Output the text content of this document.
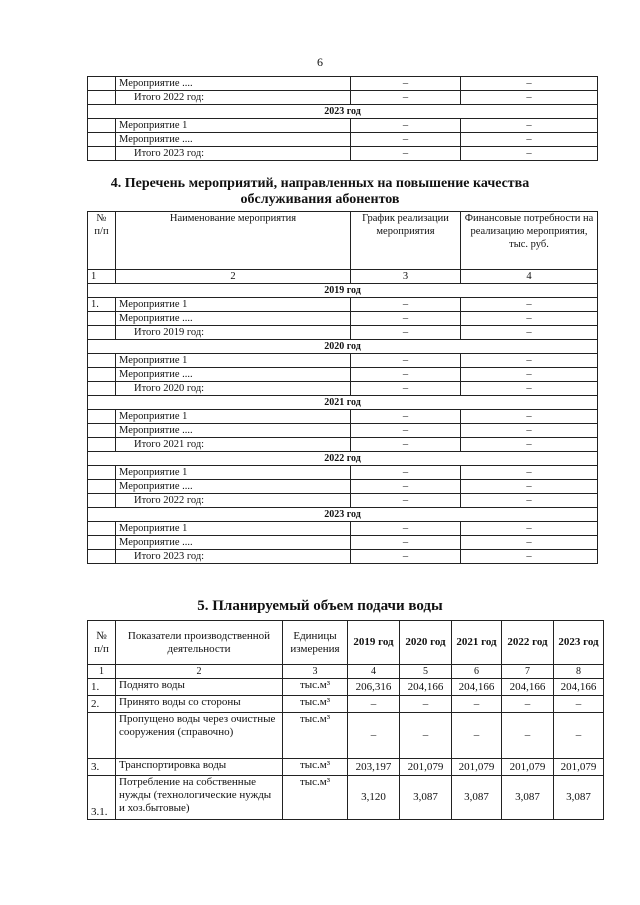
6
	Мероприятие ....	–	–
	Итого 2022 год:	–	–
2023 год			
	Мероприятие 1	–	–
	Мероприятие ....	–	–
	Итого 2023 год:	–	–
4. Перечень мероприятий, направленных на повышение качества
обслуживания абонентов
№ п/п	Наименование мероприятия	График реализации мероприятия	Финансовые потребности на реализацию мероприятия, тыс. руб.
1	2	3	4
2019 год			
1.	Мероприятие 1	–	–
	Мероприятие ....	–	–
	Итого 2019 год:	–	–
2020 год			
	Мероприятие 1	–	–
	Мероприятие ....	–	–
	Итого 2020 год:	–	–
2021 год			
	Мероприятие 1	–	–
	Мероприятие ....	–	–
	Итого 2021 год:	–	–
2022 год			
	Мероприятие 1	–	–
	Мероприятие ....	–	–
	Итого 2022 год:	–	–
2023 год			
	Мероприятие 1	–	–
	Мероприятие ....	–	–
	Итого 2023 год:	–	–
5. Планируемый объем подачи воды
№ п/п	Показатели производственной деятельности	Единицы измерения	2019 год	2020 год	2021 год	2022 год	2023 год
1	2	3	4	5	6	7	8
1.	Поднято воды	тыс.м³	206,316	204,166	204,166	204,166	204,166
2.	Принято воды со стороны	тыс.м³	–	–	–	–	–
	Пропущено воды через очистные сооружения (справочно)	тыс.м³	–	–	–	–	–
3.	Транспортировка воды	тыс.м³	203,197	201,079	201,079	201,079	201,079
3.1.	Потребление на собственные нужды (технологические нужды и хоз.бытовые)	тыс.м³	3,120	3,087	3,087	3,087	3,087
